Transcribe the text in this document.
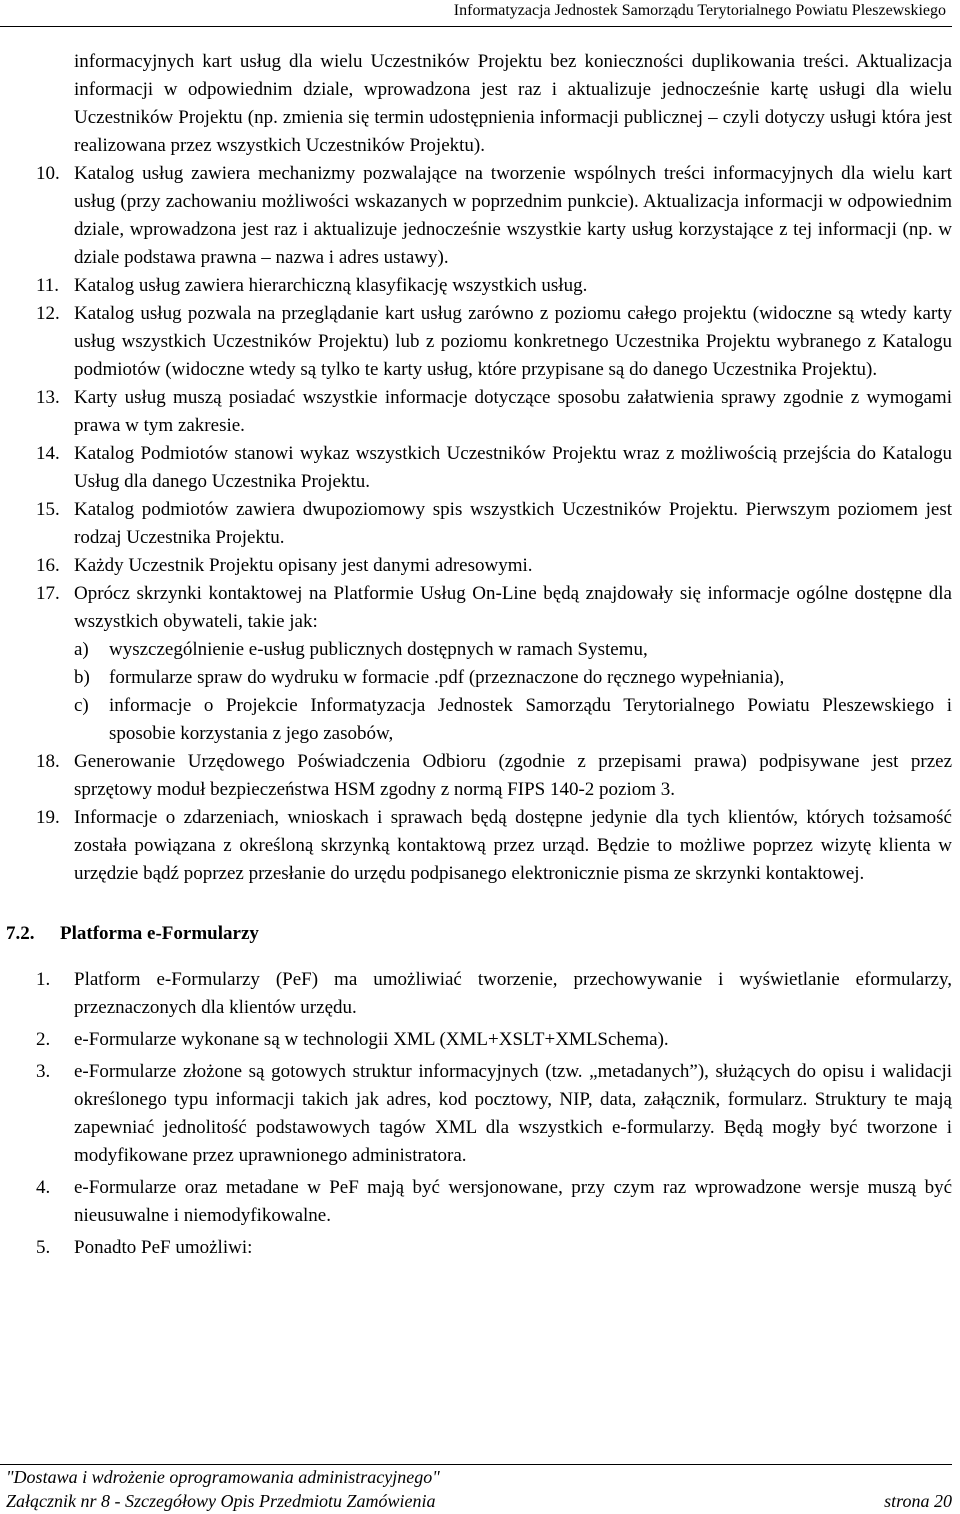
Informatyzacja Jednostek Samorządu Terytorialnego Powiatu Pleszewskiego

informacyjnych kart usług dla wielu Uczestników Projektu bez konieczności duplikowania treści. Aktualizacja informacji w odpowiednim dziale, wprowadzona jest raz i aktualizuje jednocześnie kartę usługi dla wielu Uczestników Projektu (np. zmienia się termin udostępnienia informacji publicznej – czyli dotyczy usługi która jest realizowana przez wszystkich Uczestników Projektu).

10. Katalog usług zawiera mechanizmy pozwalające na tworzenie wspólnych treści informacyjnych dla wielu kart usług (przy zachowaniu możliwości wskazanych w poprzednim punkcie). Aktualizacja informacji w odpowiednim dziale, wprowadzona jest raz i aktualizuje jednocześnie wszystkie karty usług korzystające z tej informacji (np. w dziale podstawa prawna – nazwa i adres ustawy).
11. Katalog usług zawiera hierarchiczną klasyfikację wszystkich usług.
12. Katalog usług pozwala na przeglądanie kart usług zarówno z poziomu całego projektu (widoczne są wtedy karty usług wszystkich Uczestników Projektu) lub z poziomu konkretnego Uczestnika Projektu wybranego z Katalogu podmiotów (widoczne wtedy są tylko te karty usług, które przypisane są do danego Uczestnika Projektu).
13. Karty usług muszą posiadać wszystkie informacje dotyczące sposobu załatwienia sprawy zgodnie z wymogami prawa w tym zakresie.
14. Katalog Podmiotów stanowi wykaz wszystkich Uczestników Projektu wraz z możliwością przejścia do Katalogu Usług dla danego Uczestnika Projektu.
15. Katalog podmiotów zawiera dwupoziomowy spis wszystkich Uczestników Projektu. Pierwszym poziomem jest rodzaj Uczestnika Projektu.
16. Każdy Uczestnik Projektu opisany jest danymi adresowymi.
17. Oprócz skrzynki kontaktowej na Platformie Usług On-Line będą znajdowały się informacje ogólne dostępne dla wszystkich obywateli, takie jak:
a)	wyszczególnienie e-usług publicznych dostępnych w ramach Systemu,
b)	formularze spraw do wydruku w formacie .pdf (przeznaczone do ręcznego wypełniania),
c)	informacje o Projekcie Informatyzacja Jednostek Samorządu Terytorialnego Powiatu Pleszewskiego i sposobie korzystania z jego zasobów,
18. Generowanie Urzędowego Poświadczenia Odbioru (zgodnie z przepisami prawa) podpisywane jest przez sprzętowy moduł bezpieczeństwa HSM zgodny z normą FIPS 140-2 poziom 3.
19. Informacje o zdarzeniach, wnioskach i sprawach będą dostępne jedynie dla tych klientów, których tożsamość została powiązana z określoną skrzynką kontaktową przez urząd. Będzie to możliwe poprzez wizytę klienta w urzędzie bądź poprzez przesłanie do urzędu podpisanego elektronicznie pisma ze skrzynki kontaktowej.
7.2.	Platforma e-Formularzy
1.	Platform e-Formularzy (PeF) ma umożliwiać tworzenie, przechowywanie i wyświetlanie eformularzy, przeznaczonych dla klientów urzędu.
2.	e-Formularze wykonane są w technologii XML (XML+XSLT+XMLSchema).
3.	e-Formularze złożone są gotowych struktur informacyjnych (tzw. „metadanych”), służących do opisu i walidacji określonego typu informacji takich jak adres, kod pocztowy, NIP, data, załącznik, formularz. Struktury te mają zapewniać jednolitość podstawowych tagów XML dla wszystkich e-formularzy. Będą mogły być tworzone i modyfikowane przez uprawnionego administratora.
4.	e-Formularze oraz metadane w PeF mają być wersjonowane, przy czym raz wprowadzone wersje muszą być nieusuwalne i niemodyfikowalne.
5.	Ponadto PeF umożliwi:
"Dostawa i wdrożenie oprogramowania administracyjnego"
Załącznik nr 8 - Szczegółowy Opis Przedmiotu Zamówienia	strona 20
